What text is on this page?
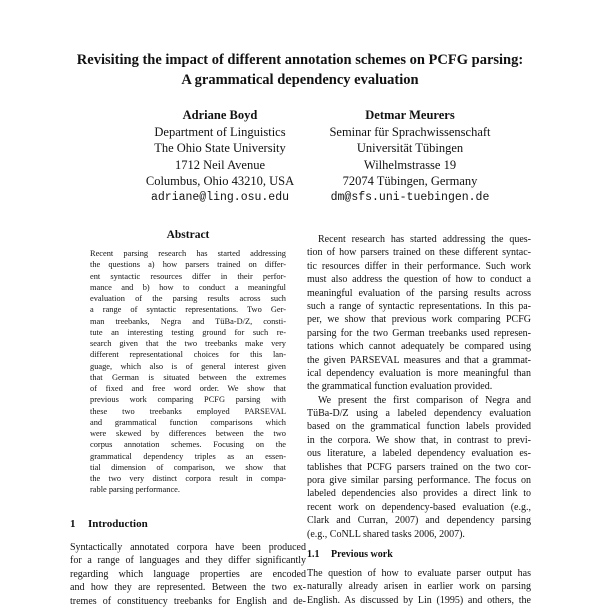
Revisiting the impact of different annotation schemes on PCFG parsing:
A grammatical dependency evaluation
Adriane Boyd
Department of Linguistics
The Ohio State University
1712 Neil Avenue
Columbus, Ohio 43210, USA
adriane@ling.osu.edu
Detmar Meurers
Seminar für Sprachwissenschaft
Universität Tübingen
Wilhelmstrasse 19
72074 Tübingen, Germany
dm@sfs.uni-tuebingen.de
Abstract
Recent parsing research has started addressing
the questions a) how parsers trained on differ-
ent syntactic resources differ in their perfor-
mance and b) how to conduct a meaningful
evaluation of the parsing results across such
a range of syntactic representations. Two Ger-
man treebanks, Negra and TüBa-D/Z, consti-
tute an interesting testing ground for such re-
search given that the two treebanks make very
different representational choices for this lan-
guage, which also is of general interest given
that German is situated between the extremes
of fixed and free word order. We show that
previous work comparing PCFG parsing with
these two treebanks employed PARSEVAL
and grammatical function comparisons which
were skewed by differences between the two
corpus annotation schemes. Focusing on the
grammatical dependency triples as an essen-
tial dimension of comparison, we show that
the two very distinct corpora result in compa-
rable parsing performance.
1 Introduction
Syntactically annotated corpora have been produced
for a range of languages and they differ significantly
regarding which language properties are encoded
and how they are represented. Between the two ex-
tremes of constituency treebanks for English and de-
Recent research has started addressing the ques-
tion of how parsers trained on these different syntac-
tic resources differ in their performance. Such work
must also address the question of how to conduct a
meaningful evaluation of the parsing results across
such a range of syntactic representations. In this pa-
per, we show that previous work comparing PCFG
parsing for the two German treebanks used represen-
tations which cannot adequately be compared using
the given PARSEVAL measures and that a grammat-
ical dependency evaluation is more meaningful than
the grammatical function evaluation provided.
We present the first comparison of Negra and
TüBa-D/Z using a labeled dependency evaluation
based on the grammatical function labels provided
in the corpora. We show that, in contrast to previ-
ous literature, a labeled dependency evaluation es-
tablishes that PCFG parsers trained on the two cor-
pora give similar parsing performance. The focus on
labeled dependencies also provides a direct link to
recent work on dependency-based evaluation (e.g.,
Clark and Curran, 2007) and dependency parsing
(e.g., CoNLL shared tasks 2006, 2007).
1.1 Previous work
The question of how to evaluate parser output has
naturally already arisen in earlier work on parsing
English. As discussed by Lin (1995) and others, the
